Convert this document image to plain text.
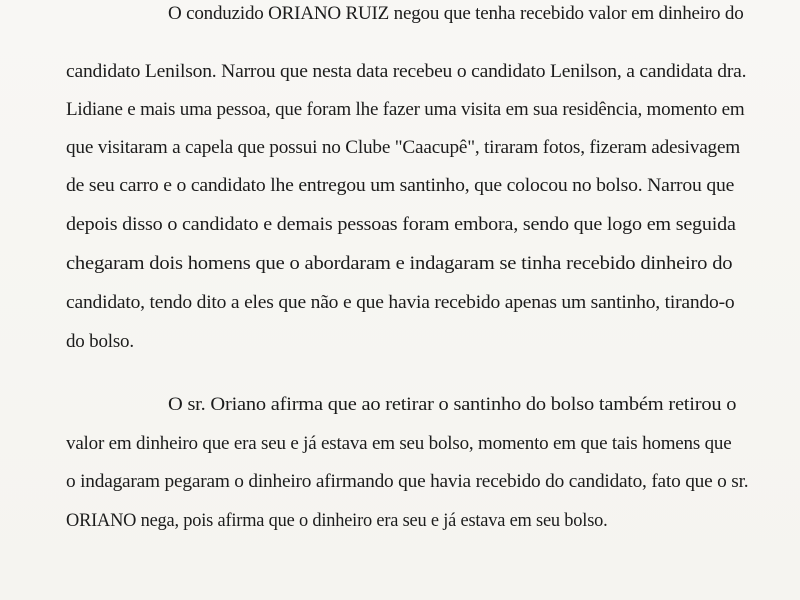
O conduzido ORIANO RUIZ negou que tenha recebido valor em dinheiro do
candidato Lenilson. Narrou que nesta data recebeu o candidato Lenilson, a candidata dra.
Lidiane e mais uma pessoa, que foram lhe fazer uma visita em sua residência, momento em
que visitaram a capela que possui no Clube "Caacupê", tiraram fotos, fizeram adesivagem
de seu carro e o candidato lhe entregou um santinho, que colocou no bolso. Narrou que
depois disso o candidato e demais pessoas foram embora, sendo que logo em seguida
chegaram dois homens que o abordaram e indagaram se tinha recebido dinheiro do
candidato, tendo dito a eles que não e que havia recebido apenas um santinho, tirando-o
do bolso.
O sr. Oriano afirma que ao retirar o santinho do bolso também retirou o
valor em dinheiro que era seu e já estava em seu bolso, momento em que tais homens que
o indagaram pegaram o dinheiro afirmando que havia recebido do candidato, fato que o sr.
ORIANO nega, pois afirma que o dinheiro era seu e já estava em seu bolso.
